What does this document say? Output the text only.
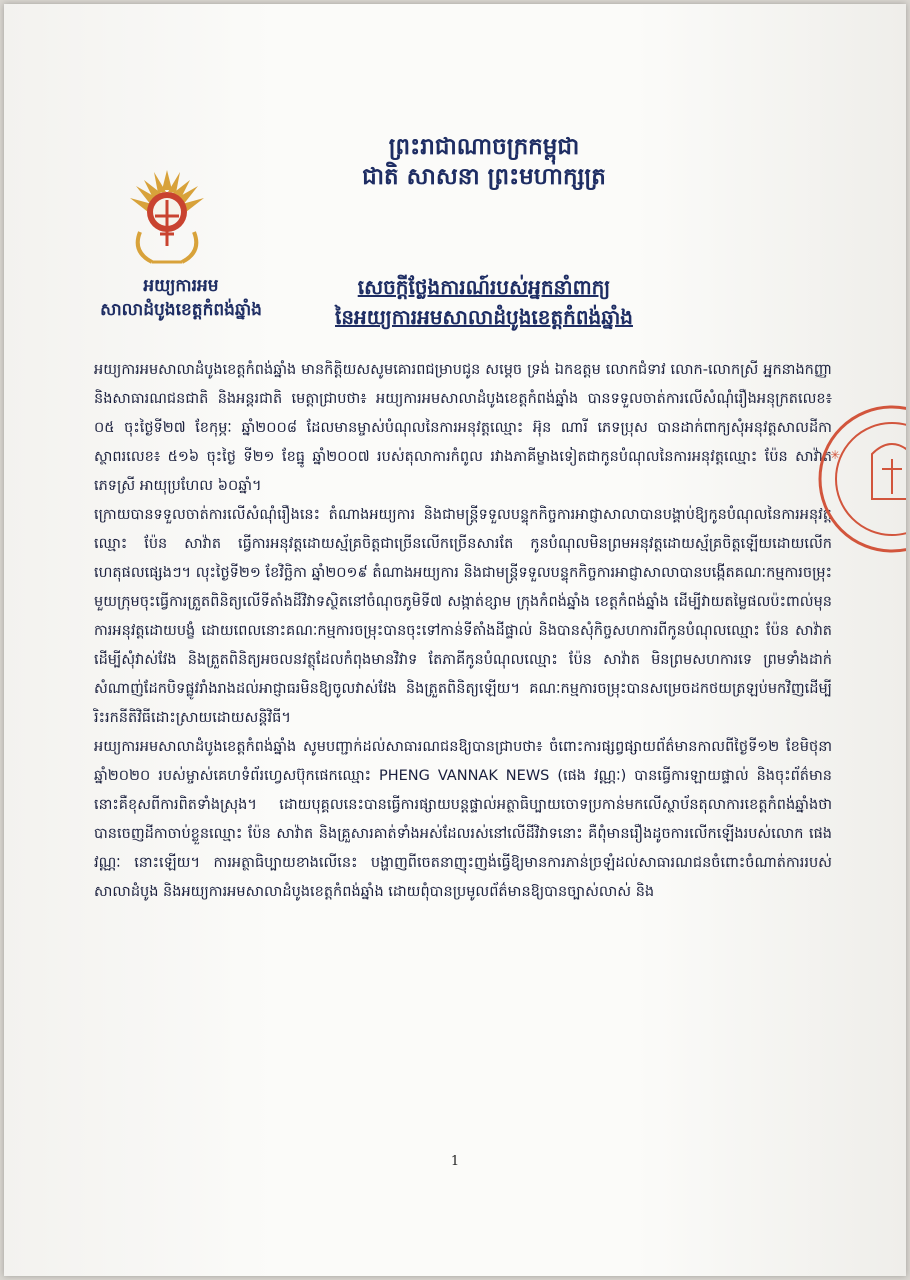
ព្រះរាជាណាចក្រកម្ពុជា
ជាតិ សាសនា ព្រះមហាក្សត្រ
អយ្យការអម
សាលាដំបូងខេត្តកំពង់ឆ្នាំង
សេចក្តីថ្លែងការណ៍របស់អ្នកនាំពាក្យ
នៃអយ្យការអមសាលាដំបូងខេត្តកំពង់ឆ្នាំង

អយ្យការអមសាលាដំបូងខេត្តកំពង់ឆ្នាំង មានកិត្តិយសសូមគោរពជម្រាបជូន សម្តេច ទ្រង់ ឯកឧត្តម លោកជំទាវ លោក-លោកស្រី អ្នកនាងកញ្ញា និងសាធារណជនជាតិ និងអន្តរជាតិ មេត្តាជ្រាបថា៖ អយ្យការអមសាលាដំបូងខេត្តកំពង់ឆ្នាំង បានទទួលចាត់ការលើសំណុំរឿងអនុក្រតលេខ៖០៥ ចុះថ្ងៃទី២៧ ខែកុម្ភៈ ឆ្នាំ២០០៨ ដែលមានម្ចាស់បំណុលនៃការអនុវត្តឈ្មោះ អ៊ុន ណារី ភេទប្រុស បានដាក់ពាក្យសុំអនុវត្តសាលដីកាស្ថាពរលេខ៖ ៥១៦ ចុះថ្ងៃ ទី២១ ខែធ្នូ ឆ្នាំ២០០៧ របស់តុលាការកំពូល រវាងភាគីម្ខាងទៀតជាកូនបំណុលនៃការអនុវត្តឈ្មោះ ប៉ែន សាវ៉ាត ភេទស្រី អាយុប្រហែល ៦០ឆ្នាំ។

ក្រោយបានទទួលចាត់ការលើសំណុំរឿងនេះ តំណាងអយ្យការ និងជាមន្ត្រីទទួលបន្ទុកកិច្ចការអាជ្ញាសាលាបានបង្គាប់ឱ្យកូនបំណុលនៃការអនុវត្តឈ្មោះ ប៉ែន សាវ៉ាត ធ្វើការអនុវត្តដោយស្ម័គ្រចិត្តជាច្រើនលើកច្រើនសារតែ កូនបំណុលមិនព្រមអនុវត្តដោយស្ម័គ្រចិត្តឡើយដោយលើកហេតុផលផ្សេងៗ។ លុះថ្ងៃទី២១ ខែវិច្ឆិកា ឆ្នាំ២០១៩ តំណាងអយ្យការ និងជាមន្ត្រីទទួលបន្ទុកកិច្ចការអាជ្ញាសាលាបានបង្កើតគណៈកម្មការចម្រុះមួយក្រុមចុះធ្វើការត្រួតពិនិត្យលើទីតាំងដីវិវាទស្ថិតនៅចំណុចភូមិទី៧ សង្កាត់ខ្សាម ក្រុងកំពង់ឆ្នាំង ខេត្តកំពង់ឆ្នាំង ដើម្បីវាយតម្លៃផលប៉ះពាល់មុនការអនុវត្តដោយបង្ខំ ដោយពេលនោះគណៈកម្មការចម្រុះបានចុះទៅកាន់ទីតាំងដីផ្ទាល់ និងបានសុំកិច្ចសហការពីកូនបំណុលឈ្មោះ ប៉ែន សាវ៉ាត ដើម្បីសុំវាស់វែង និងត្រួតពិនិត្យអចលនវត្ថុដែលកំពុងមានវិវាទ តែភាគីកូនបំណុលឈ្មោះ ប៉ែន សាវ៉ាត មិនព្រមសហការទេ ព្រមទាំងដាក់សំណាញ់ដែកបិទផ្លូវរាំងរាងដល់អាជ្ញាធរមិនឱ្យចូលវាស់វែង និងត្រួតពិនិត្យឡើយ។ គណៈកម្មការចម្រុះបានសម្រេចដកថយត្រឡប់មកវិញដើម្បីរិះរកនីតិវិធីដោះស្រាយដោយសន្តិវិធី។

អយ្យការអមសាលាដំបូងខេត្តកំពង់ឆ្នាំង សូមបញ្ជាក់ដល់សាធារណជនឱ្យបានជ្រាបថា៖ ចំពោះការផ្សព្វផ្សាយព័ត៌មានកាលពីថ្ងៃទី១២ ខែមិថុនា ឆ្នាំ២០២០ របស់ម្ចាស់គេហទំព័រហ្វេសប៊ុកផេកឈ្មោះ PHENG VANNAK NEWS (ផេង វណ្ណៈ) បានធ្វើការឡាយផ្ទាល់ និងចុះព័ត៌មាននោះគឺខុសពីការពិតទាំងស្រុង។ ដោយបុគ្គលនេះបានធ្វើការផ្សាយបន្តផ្ទាល់អត្ថាធិប្បាយចោទប្រកាន់មកលើស្ថាប័នតុលាការខេត្តកំពង់ឆ្នាំងថា បានចេញដីកាចាប់ខ្លួនឈ្មោះ ប៉ែន សាវ៉ាត និងគ្រួសារគាត់ទាំងអស់ដែលរស់នៅលើដីវិវាទនោះ គឺពុំមានរឿងដូចការលើកឡើងរបស់លោក ផេង វណ្ណៈ នោះឡើយ។ ការអត្ថាធិប្បាយខាងលើនេះ បង្ហាញពីចេតនាញុះញង់ធ្វើឱ្យមានការភាន់ច្រឡំដល់សាធារណជនចំពោះចំណាត់ការរបស់សាលាដំបូង និងអយ្យការអមសាលាដំបូងខេត្តកំពង់ឆ្នាំង ដោយពុំបានប្រមូលព័ត៌មានឱ្យបានច្បាស់លាស់ និង

1
✳
